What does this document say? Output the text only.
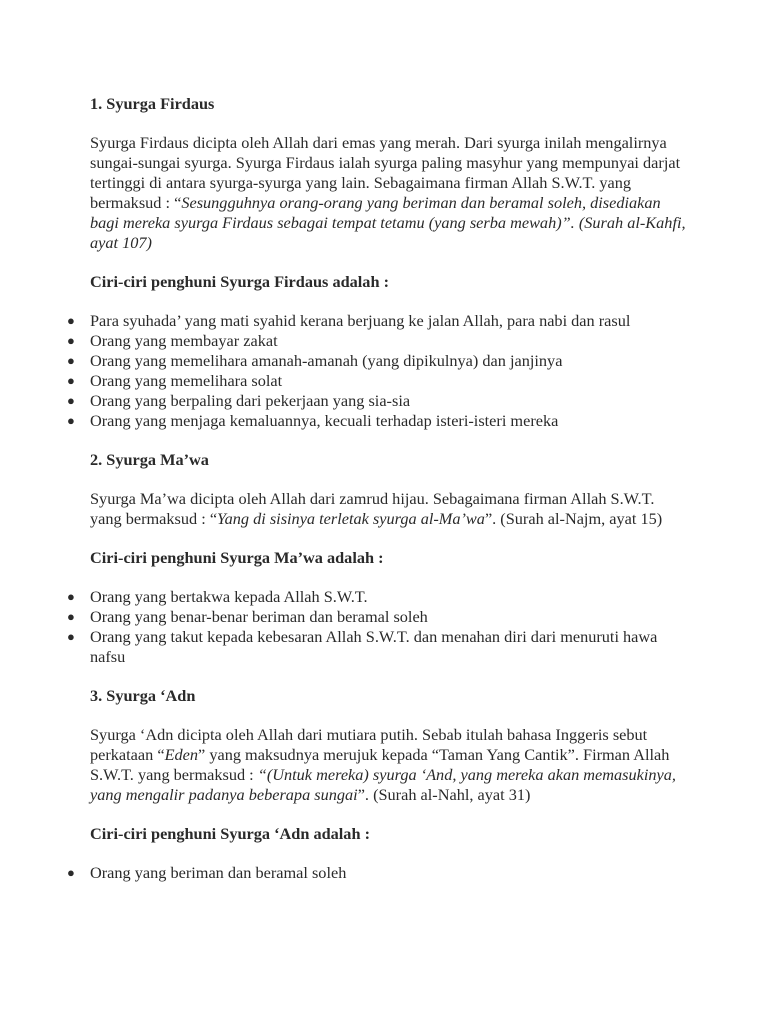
1. Syurga Firdaus

Syurga Firdaus dicipta oleh Allah dari emas yang merah. Dari syurga inilah mengalirnya sungai-sungai syurga. Syurga Firdaus ialah syurga paling masyhur yang mempunyai darjat tertinggi di antara syurga-syurga yang lain. Sebagaimana firman Allah S.W.T. yang bermaksud : “Sesungguhnya orang-orang yang beriman dan beramal soleh, disediakan bagi mereka syurga Firdaus sebagai tempat tetamu (yang serba mewah)”. (Surah al-Kahfi, ayat 107)

Ciri-ciri penghuni Syurga Firdaus adalah :
● Para syuhada’ yang mati syahid kerana berjuang ke jalan Allah, para nabi dan rasul
● Orang yang membayar zakat
● Orang yang memelihara amanah-amanah (yang dipikulnya) dan janjinya
● Orang yang memelihara solat
● Orang yang berpaling dari pekerjaan yang sia-sia
● Orang yang menjaga kemaluannya, kecuali terhadap isteri-isteri mereka
2. Syurga Ma’wa

Syurga Ma’wa dicipta oleh Allah dari zamrud hijau. Sebagaimana firman Allah S.W.T. yang bermaksud : “Yang di sisinya terletak syurga al-Ma’wa”. (Surah al-Najm, ayat 15)

Ciri-ciri penghuni Syurga Ma’wa adalah :
● Orang yang bertakwa kepada Allah S.W.T.
● Orang yang benar-benar beriman dan beramal soleh
● Orang yang takut kepada kebesaran Allah S.W.T. dan menahan diri dari menuruti hawa nafsu
3. Syurga ‘Adn

Syurga ‘Adn dicipta oleh Allah dari mutiara putih. Sebab itulah bahasa Inggeris sebut perkataan “Eden” yang maksudnya merujuk kepada “Taman Yang Cantik”. Firman Allah S.W.T. yang bermaksud : “(Untuk mereka) syurga ‘And, yang mereka akan memasukinya, yang mengalir padanya beberapa sungai”. (Surah al-Nahl, ayat 31)

Ciri-ciri penghuni Syurga ‘Adn adalah :
● Orang yang beriman dan beramal soleh
